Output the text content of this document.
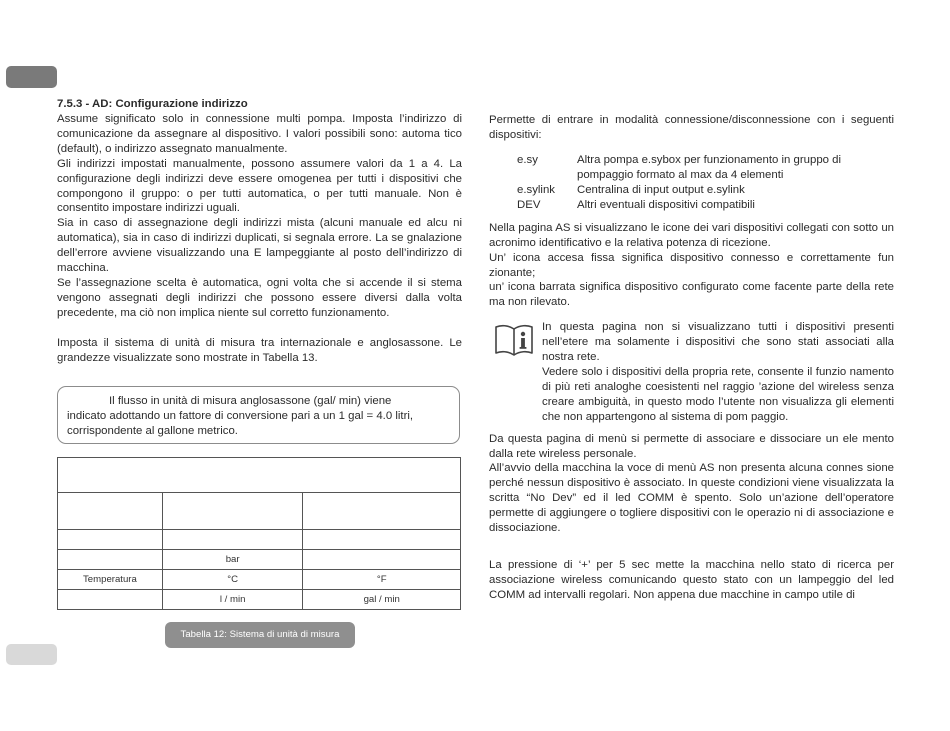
7.5.3 - AD: Configurazione indirizzo

Assume significato solo in connessione multi pompa. Imposta l’indirizzo di comunicazione da assegnare al dispositivo. I valori possibili sono: automa tico (default), o indirizzo assegnato manualmente.

Gli indirizzi impostati manualmente, possono assumere valori da 1 a 4. La configurazione degli indirizzi deve essere omogenea per tutti i dispositivi che compongono il gruppo: o per tutti automatica, o per tutti manuale. Non è consentito impostare indirizzi uguali.

Sia in caso di assegnazione degli indirizzi mista (alcuni manuale ed alcu ni automatica), sia in caso di indirizzi duplicati, si segnala errore. La se gnalazione dell’errore avviene visualizzando una E lampeggiante al posto dell’indirizzo di macchina.

Se l’assegnazione scelta è automatica, ogni volta che si accende il si stema vengono assegnati degli indirizzi che possono essere diversi dalla volta precedente, ma ciò non implica niente sul corretto funzionamento.

Imposta il sistema di unità di misura tra internazionale e anglosassone. Le grandezze visualizzate sono mostrate in Tabella 13.

Il flusso in unità di misura anglosassone (gal/ min) viene
indicato adottando un fattore di conversione pari a un 1 gal = 4.0 litri, corrispondente al gallone metrico.

	bar	
Temperatura	°C	°F
	l / min	gal / min
Tabella 12: Sistema di unità di misura

Permette di entrare in modalità connessione/disconnessione con i seguenti dispositivi:

e.sy	Altra pompa e.sybox per funzionamento in gruppo di pompaggio formato al max da 4 elementi
e.sylink	Centralina di input output e.sylink
DEV	Altri eventuali dispositivi compatibili

Nella pagina AS si visualizzano le icone dei vari dispositivi collegati con sotto un acronimo identificativo e la relativa potenza di ricezione.

Un’ icona accesa fissa significa dispositivo connesso e correttamente fun zionante;

un’ icona barrata significa dispositivo configurato come facente parte della rete ma non rilevato.

In questa pagina non si visualizzano tutti i dispositivi presenti nell’etere ma solamente i dispositivi che sono stati associati alla nostra rete.

Vedere solo i dispositivi della propria rete, consente il funzio namento di più reti analoghe coesistenti nel raggio ’azione del wireless senza creare ambiguità, in questo modo l’utente non visualizza gli elementi che non appartengono al sistema di pom paggio.

Da questa pagina di menù si permette di associare e dissociare un ele mento dalla rete wireless personale.

All’avvio della macchina la voce di menù AS non presenta alcuna connes sione perché nessun dispositivo è associato. In queste condizioni viene visualizzata la scritta “No Dev” ed il led COMM è spento. Solo un’azione dell’operatore permette di aggiungere o togliere dispositivi con le operazio ni di associazione e dissociazione.

La pressione di ‘+’ per 5 sec mette la macchina nello stato di ricerca per associazione wireless comunicando questo stato con un lampeggio del led COMM ad intervalli regolari. Non appena due macchine in campo utile di
